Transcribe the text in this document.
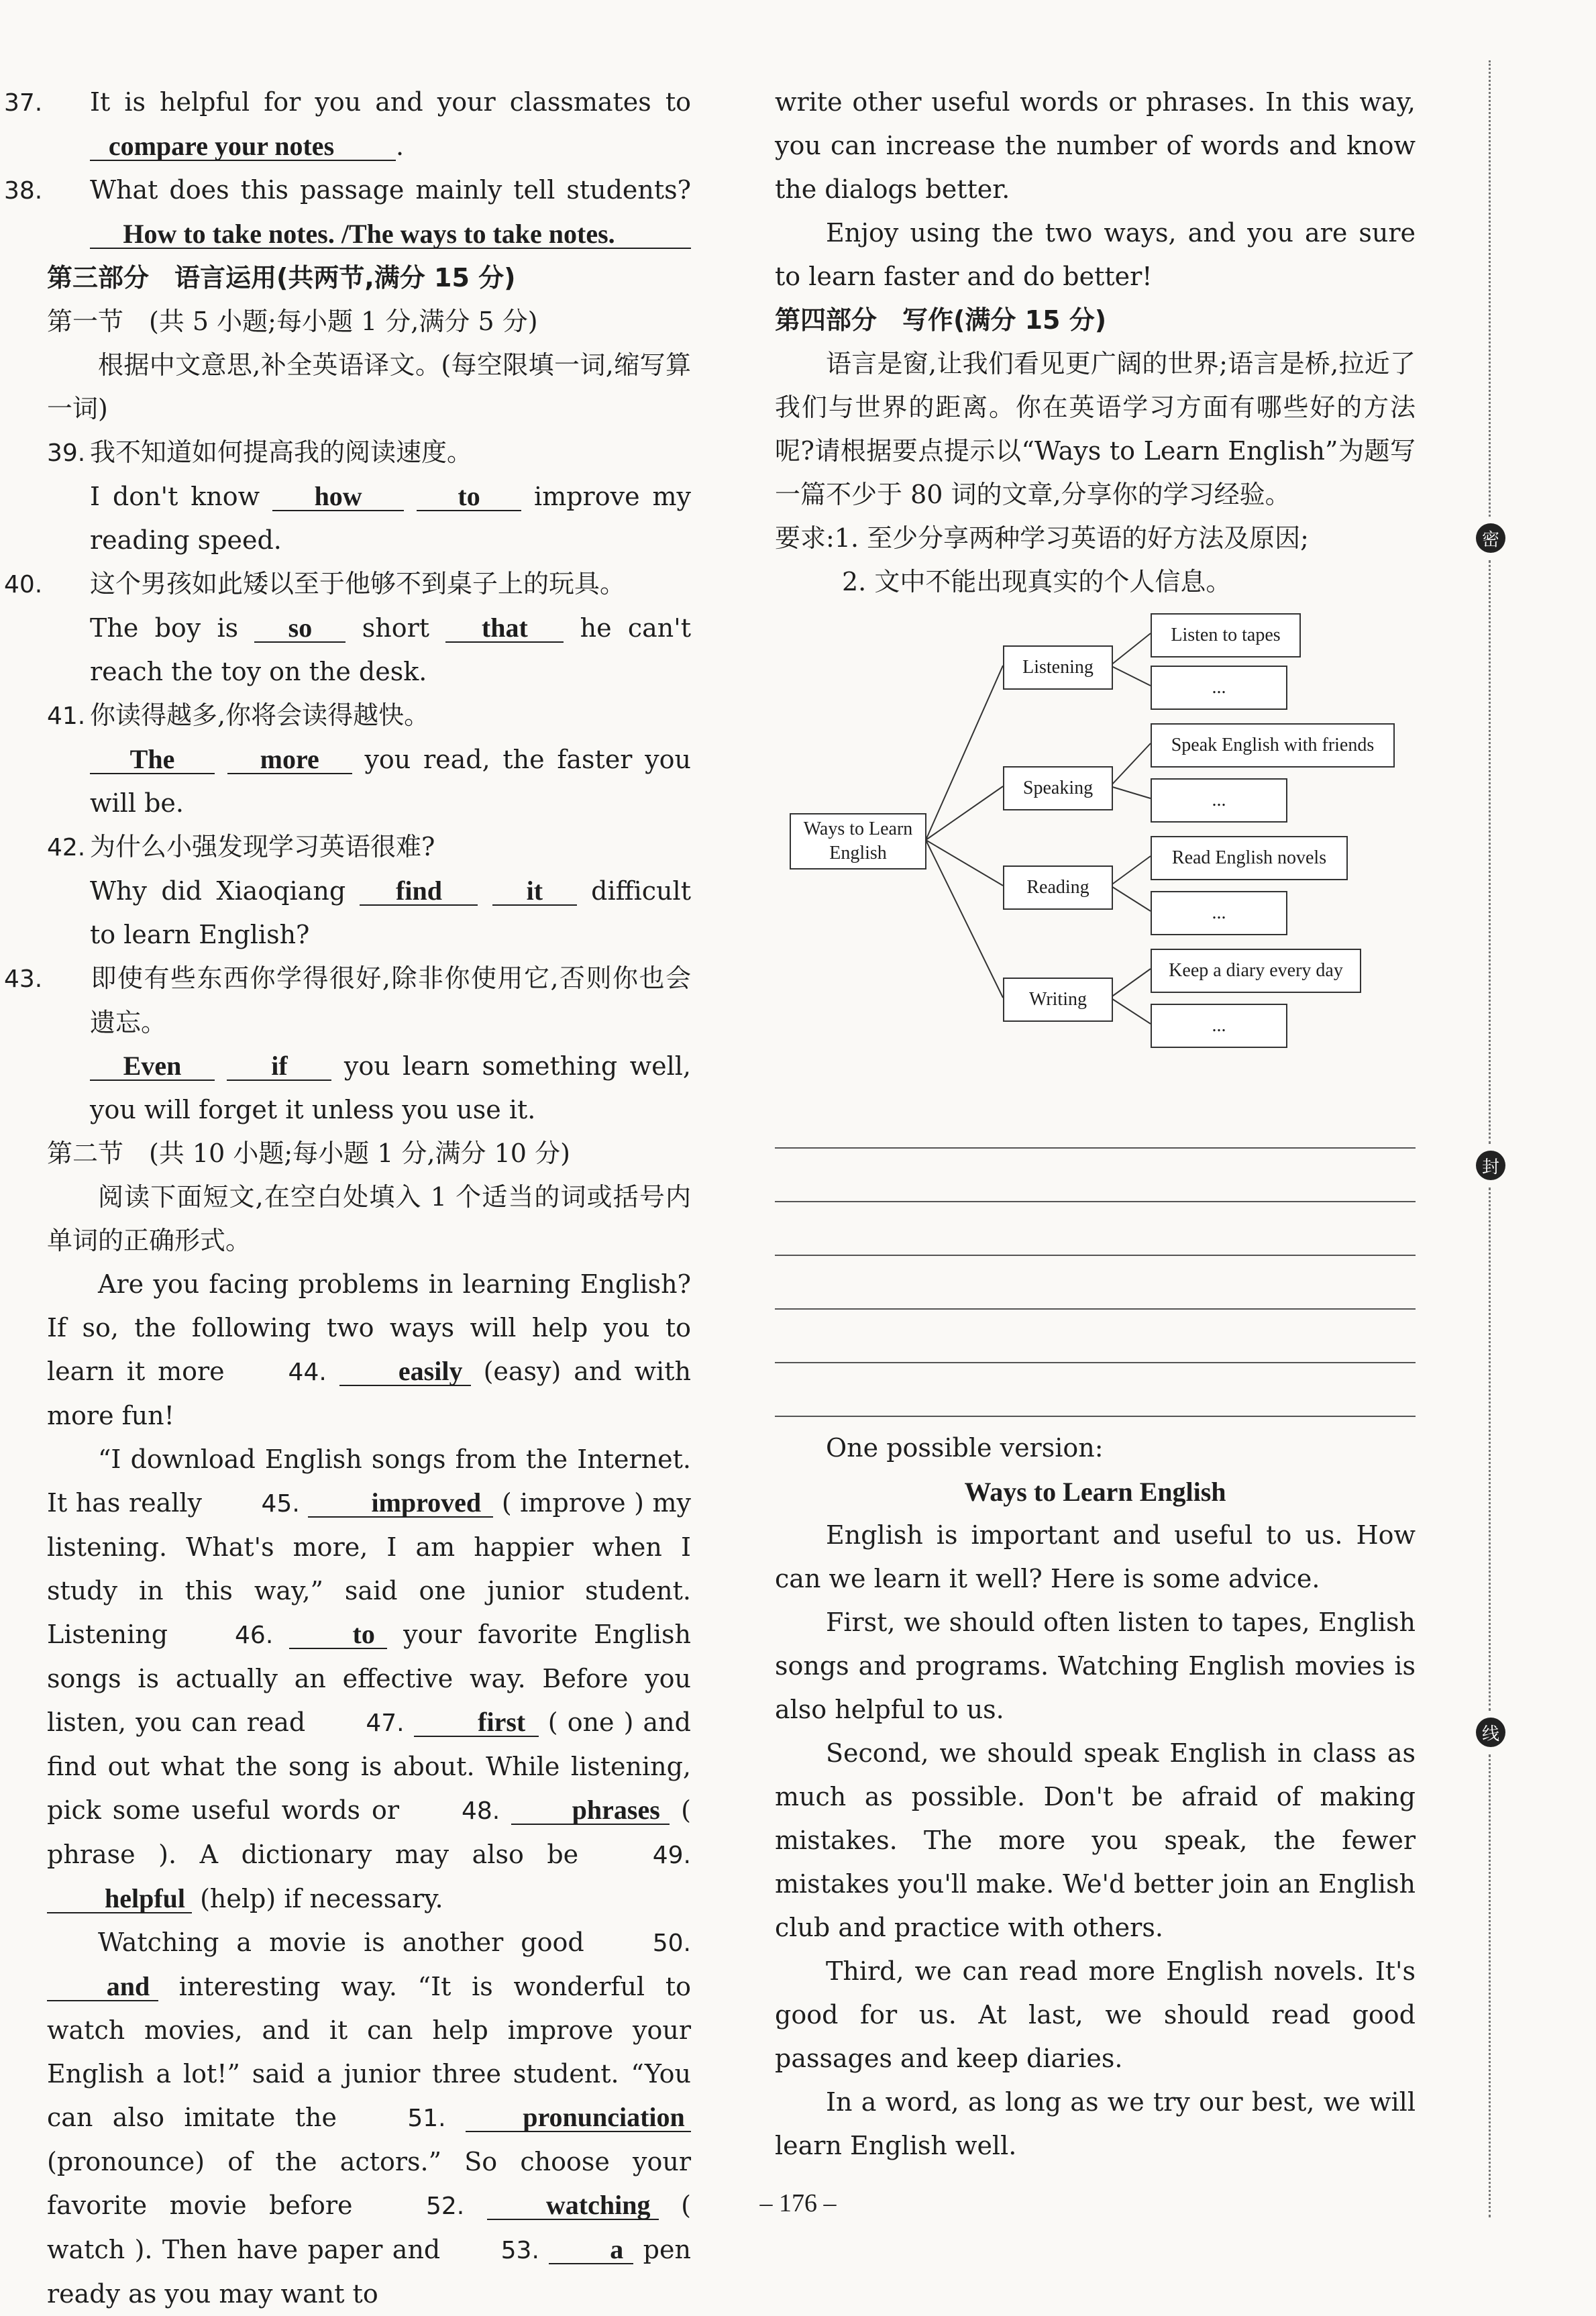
37. It is helpful for you and your classmates to compare your notes .

38. What does this passage mainly tell students? How to take notes. /The ways to take notes.

第三部分　语言运用(共两节,满分 15 分)

第一节　(共 5 小题;每小题 1 分,满分 5 分)

根据中文意思,补全英语译文。(每空限填一词,缩写算一词)

39. 我不知道如何提高我的阅读速度。

I don't know how	to improve my reading speed.

40. 这个男孩如此矮以至于他够不到桌子上的玩具。

The boy is so short that he can't reach the toy on the desk.

41. 你读得越多,你将会读得越快。

The	more you read, the faster you will be.

42. 为什么小强发现学习英语很难?

Why did Xiaoqiang find	it difficult to learn English?

43. 即使有些东西你学得很好,除非你使用它,否则你也会遗忘。

Even	if you learn something well, you will forget it unless you use it.

第二节　(共 10 小题;每小题 1 分,满分 10 分)

阅读下面短文,在空白处填入 1 个适当的词或括号内单词的正确形式。

Are you facing problems in learning English? If so, the following two ways will help you to learn it more	44.	easily (easy) and with more fun!

“I download English songs from the Internet. It has really 45.	improved ( improve ) my listening. What's more, I am happier when I study in this way,” said one junior student. Listening	46.	to your favorite English songs is actually an effective way. Before you listen, you can read	47.	first ( one ) and find out what the song is about. While listening, pick some useful words or	48.	phrases ( phrase ). A dictionary may also be	49. helpful (help) if necessary.

Watching a movie is another good	50. and interesting way. “It is wonderful to watch movies, and it can help improve your English a lot!” said a junior three student. “You can also imitate the	51.	pronunciation (pronounce) of the actors.” So choose your favorite movie before	52.	watching ( watch ). Then have paper and	53.	a pen ready as you may want to

write other useful words or phrases. In this way, you can increase the number of words and know the dialogs better.

Enjoy using the two ways, and you are sure to learn faster and do better!

第四部分　写作(满分 15 分)

语言是窗,让我们看见更广阔的世界;语言是桥,拉近了我们与世界的距离。你在英语学习方面有哪些好的方法呢?请根据要点提示以“Ways to Learn English”为题写一篇不少于 80 词的文章,分享你的学习经验。

要求:1. 至少分享两种学习英语的好方法及原因;

2. 文中不能出现真实的个人信息。

Ways to Learn English
Listening
Speaking
Reading
Writing
Listen to tapes
...
Speak English with friends
...
Read English novels
...
Keep a diary every day
...

One possible version:

Ways to Learn English

English is important and useful to us. How can we learn it well? Here is some advice.

First, we should often listen to tapes, English songs and programs. Watching English movies is also helpful to us.

Second, we should speak English in class as much as possible. Don't be afraid of making mistakes. The more you speak, the fewer mistakes you'll make. We'd better join an English club and practice with others.

Third, we can read more English novels. It's good for us. At last, we should read good passages and keep diaries.

In a word, as long as we try our best, we will learn English well.

密
封
线
– 176 –
